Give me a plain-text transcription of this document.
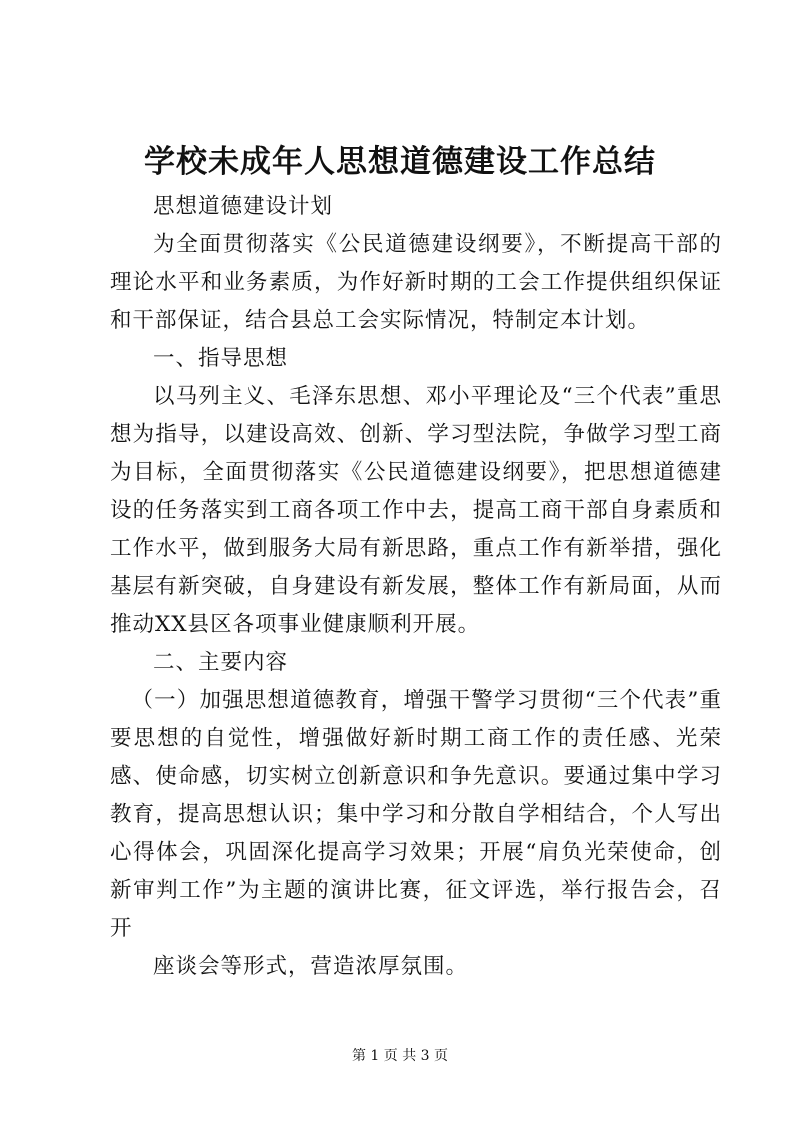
学校未成年人思想道德建设工作总结

思想道德建设计划

为全面贯彻落实《公民道德建设纲要》，不断提高干部的理论水平和业务素质，为作好新时期的工会工作提供组织保证和干部保证，结合县总工会实际情况，特制定本计划。

一、指导思想

以马列主义、毛泽东思想、邓小平理论及“三个代表”重思想为指导，以建设高效、创新、学习型法院，争做学习型工商为目标，全面贯彻落实《公民道德建设纲要》，把思想道德建设的任务落实到工商各项工作中去，提高工商干部自身素质和工作水平，做到服务大局有新思路，重点工作有新举措，强化基层有新突破，自身建设有新发展，整体工作有新局面，从而推动XX县区各项事业健康顺利开展。

二、主要内容

（一）加强思想道德教育，增强干警学习贯彻“三个代表”重要思想的自觉性，增强做好新时期工商工作的责任感、光荣感、使命感，切实树立创新意识和争先意识。要通过集中学习教育，提高思想认识；集中学习和分散自学相结合，个人写出心得体会，巩固深化提高学习效果；开展“肩负光荣使命，创新审判工作”为主题的演讲比赛，征文评选，举行报告会，召开

座谈会等形式，营造浓厚氛围。

第 1 页 共 3 页
